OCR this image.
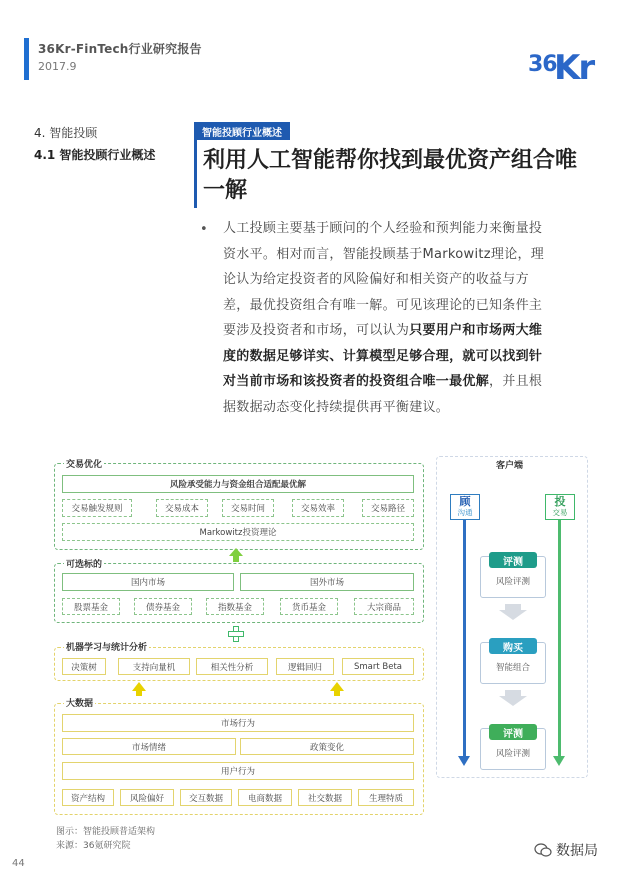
36Kr-FinTech行业研究报告
2017.9	36
Kr
4. 智能投顾
4.1 智能投顾行业概述
智能投顾行业概述
利用人工智能帮你找到最优资产组合唯一解
• 人工投顾主要基于顾问的个人经验和预判能力来衡量投资水平。相对而言，智能投顾基于Markowitz理论，理论认为给定投资者的风险偏好和相关资产的收益与方差，最优投资组合有唯一解。可见该理论的已知条件主要涉及投资者和市场，可以认为只要用户和市场两大维度的数据足够详实、计算模型足够合理，就可以找到针对当前市场和该投资者的投资组合唯一最优解，并且根据数据动态变化持续提供再平衡建议。
交易优化
风险承受能力与资金组合适配最优解
交易触发规则	交易成本	交易时间	交易效率	交易路径
Markowitz投资理论
可选标的
国内市场	国外市场
股票基金	债券基金	指数基金	货币基金	大宗商品
机器学习与统计分析
决策树	支持向量机	相关性分析	逻辑回归	Smart Beta
大数据
市场行为
市场情绪	政策变化
用户行为
资产结构	风险偏好	交互数据	电商数据	社交数据	生理特质
客户端
顾
沟通
投
交易
评测
风险评测
购买
智能组合
评测
风险评测
图示：智能投顾普适架构
来源：36氪研究院
44
数据局
